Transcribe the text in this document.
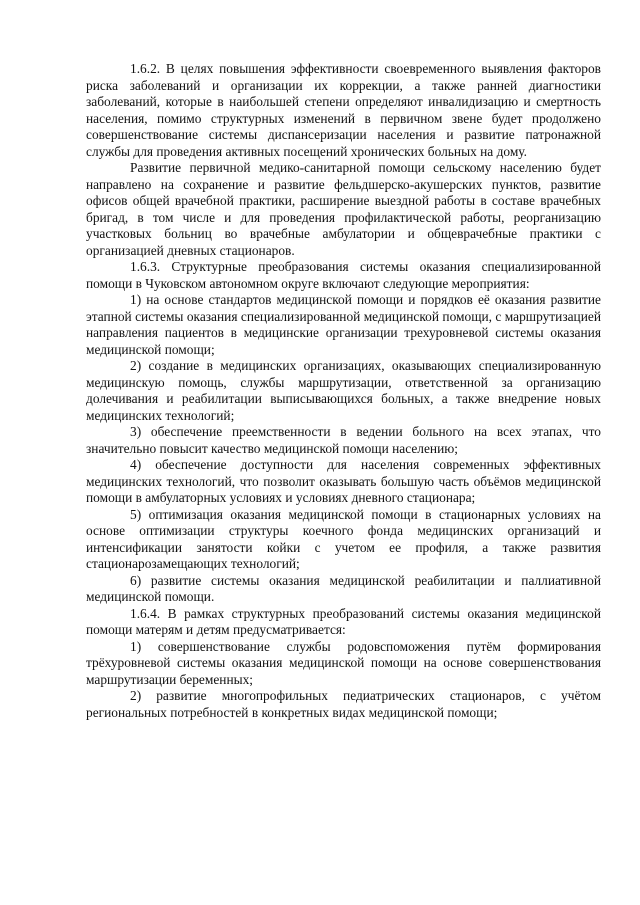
1.6.2. В целях повышения эффективности своевременного выявления факторов риска заболеваний и организации их коррекции, а также ранней диагностики заболеваний, которые в наибольшей степени определяют инвалидизацию и смертность населения, помимо структурных изменений в первичном звене будет продолжено совершенствование системы диспансеризации населения и развитие патронажной службы для проведения активных посещений хронических больных на дому.

Развитие первичной медико-санитарной помощи сельскому населению будет направлено на сохранение и развитие фельдшерско-акушерских пунктов, развитие офисов общей врачебной практики, расширение выездной работы в составе врачебных бригад, в том числе и для проведения профилактической работы, реорганизацию участковых больниц во врачебные амбулатории и общеврачебные практики с организацией дневных стационаров.

1.6.3. Структурные преобразования системы оказания специализированной помощи в Чуковском автономном округе включают следующие мероприятия:

1) на основе стандартов медицинской помощи и порядков её оказания развитие этапной системы оказания специализированной медицинской помощи, с маршрутизацией направления пациентов в медицинские организации трехуровневой системы оказания медицинской помощи;

2) создание в медицинских организациях, оказывающих специализированную медицинскую помощь, службы маршрутизации, ответственной за организацию долечивания и реабилитации выписывающихся больных, а также внедрение новых медицинских технологий;

3) обеспечение преемственности в ведении больного на всех этапах, что значительно повысит качество медицинской помощи населению;

4) обеспечение доступности для населения современных эффективных медицинских технологий, что позволит оказывать большую часть объёмов медицинской помощи в амбулаторных условиях и условиях дневного стационара;

5) оптимизация оказания медицинской помощи в стационарных условиях на основе оптимизации структуры коечного фонда медицинских организаций и интенсификации занятости койки с учетом ее профиля, а также развития стационарозамещающих технологий;

6) развитие системы оказания медицинской реабилитации и паллиативной медицинской помощи.

1.6.4. В рамках структурных преобразований системы оказания медицинской помощи матерям и детям предусматривается:

1) совершенствование службы родовспоможения путём формирования трёхуровневой системы оказания медицинской помощи на основе совершенствования маршрутизации беременных;

2) развитие многопрофильных педиатрических стационаров, с учётом региональных потребностей в конкретных видах медицинской помощи;
